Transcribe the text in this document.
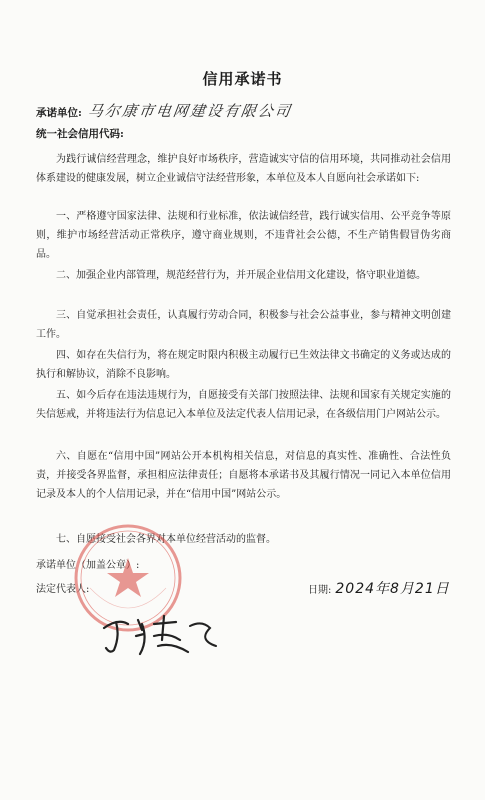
信用承诺书
承诺单位: 马尔康市电网建设有限公司
统一社会信用代码:
为践行诚信经营理念，维护良好市场秩序，营造诚实守信的信用环境，共同推动社会信用体系建设的健康发展，树立企业诚信守法经营形象，本单位及本人自愿向社会承诺如下:
一、严格遵守国家法律、法规和行业标准，依法诚信经营，践行诚实信用、公平竞争等原则，维护市场经营活动正常秩序，遵守商业规则，不违背社会公德，不生产销售假冒伪劣商品。
二、加强企业内部管理，规范经营行为，并开展企业信用文化建设，恪守职业道德。
三、自觉承担社会责任，认真履行劳动合同，积极参与社会公益事业，参与精神文明创建工作。
四、如存在失信行为，将在规定时限内积极主动履行已生效法律文书确定的义务或达成的执行和解协议，消除不良影响。
五、如今后存在违法违规行为，自愿接受有关部门按照法律、法规和国家有关规定实施的失信惩戒，并将违法行为信息记入本单位及法定代表人信用记录，在各级信用门户网站公示。
六、自愿在“信用中国”网站公开本机构相关信息，对信息的真实性、准确性、合法性负责，并接受各界监督，承担相应法律责任；自愿将本承诺书及其履行情况一同记入本单位信用记录及本人的个人信用记录，并在“信用中国”网站公示。
七、自愿接受社会各界对本单位经营活动的监督。
承诺单位（加盖公章）:
法定代表人:	日期: 2024年8月21日
